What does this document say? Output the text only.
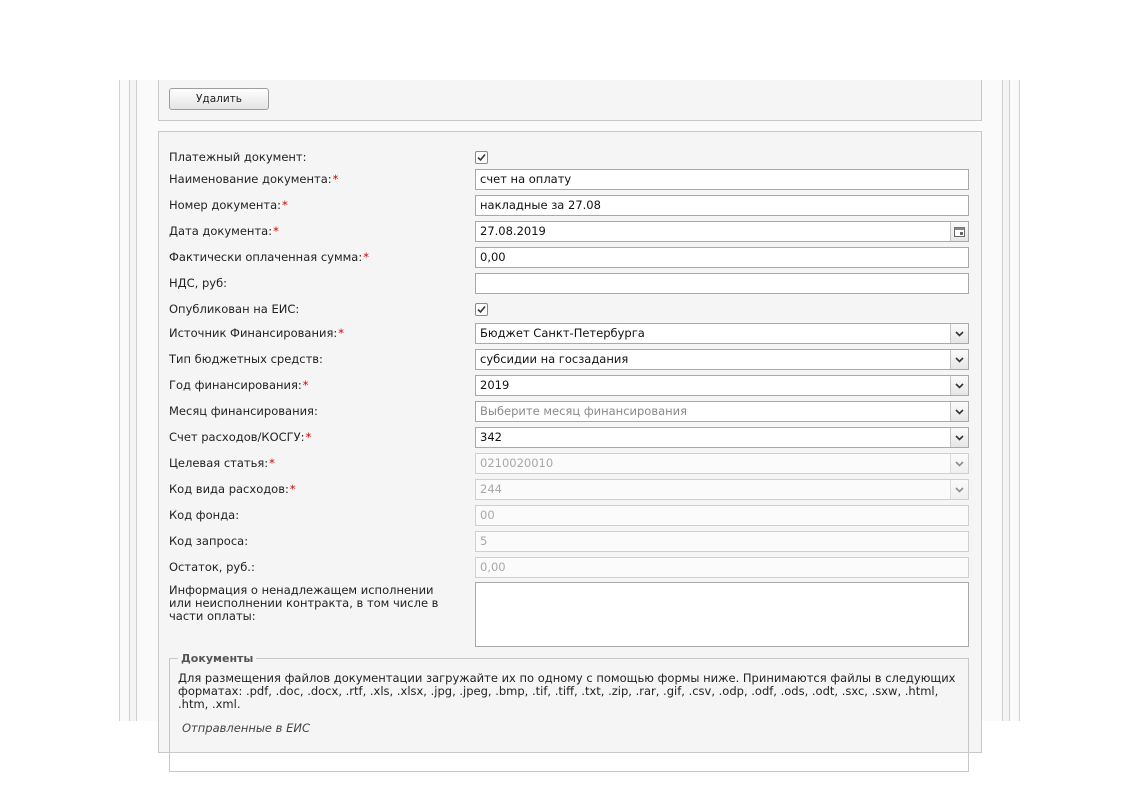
Удалить
Платежный документ:
Наименование документа:*	счет на оплату
Номер документа:*	накладные за 27.08
Дата документа:*	27.08.2019
Фактически оплаченная сумма:*	0,00
НДС, руб:
Опубликован на ЕИС:
Источник Финансирования:*	Бюджет Санкт-Петербурга
Тип бюджетных средств:	субсидии на госзадания
Год финансирования:*	2019
Месяц финансирования:	Выберите месяц финансирования
Счет расходов/КОСГУ:*	342
Целевая статья:*	0210020010
Код вида расходов:*	244
Код фонда:	00
Код запроса:	5
Остаток, руб.:	0,00
Информация о ненадлежащем исполнении или неисполнении контракта, в том числе в части оплаты:
Документы
Для размещения файлов документации загружайте их по одному с помощью формы ниже. Принимаются файлы в следующих форматах: .pdf, .doc, .docx, .rtf, .xls, .xlsx, .jpg, .jpeg, .bmp, .tif, .tiff, .txt, .zip, .rar, .gif, .csv, .odp, .odf, .ods, .odt, .sxc, .sxw, .html, .htm, .xml.
Отправленные в ЕИС
